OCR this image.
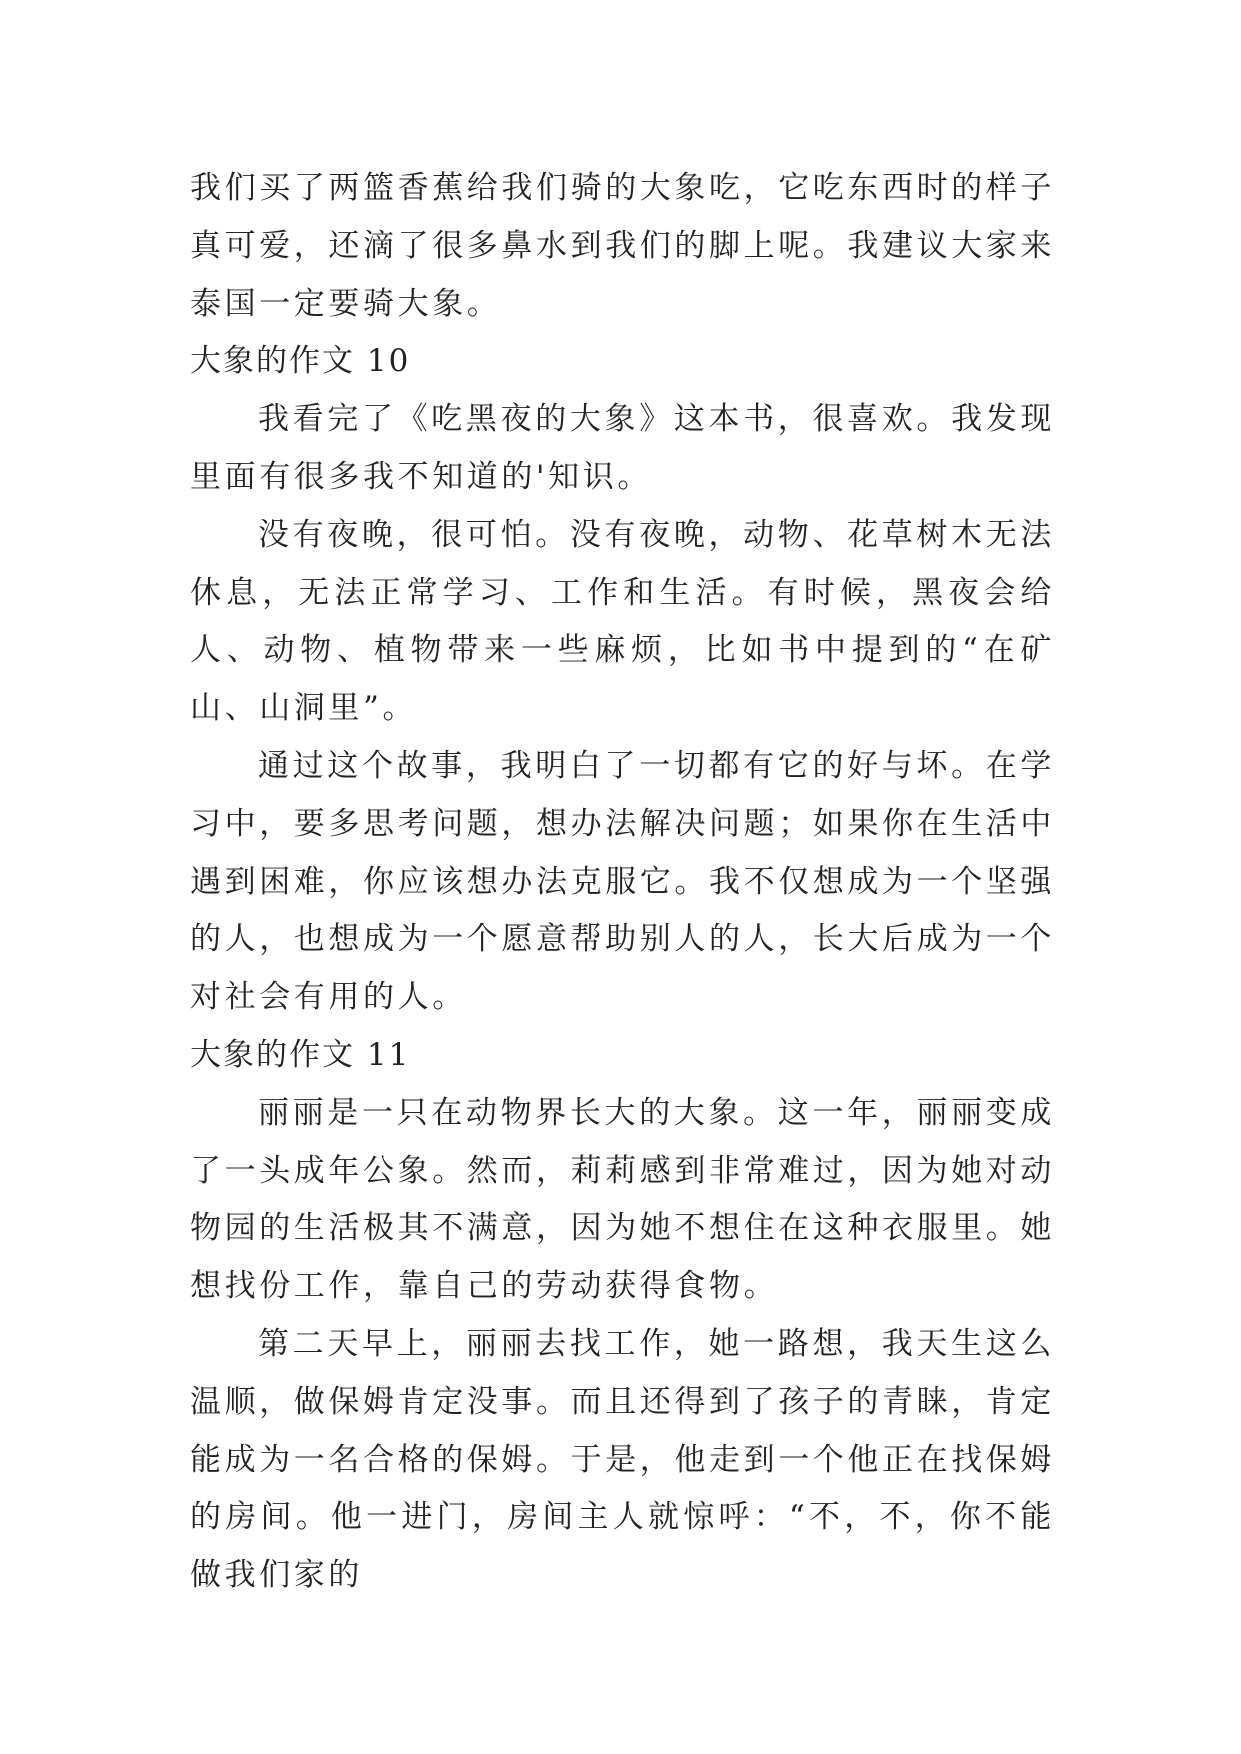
我们买了两篮香蕉给我们骑的大象吃，它吃东西时的样子真可爱，还滴了很多鼻水到我们的脚上呢。我建议大家来泰国一定要骑大象。

大象的作文 10

我看完了《吃黑夜的大象》这本书，很喜欢。我发现里面有很多我不知道的'知识。

没有夜晚，很可怕。没有夜晚，动物、花草树木无法休息，无法正常学习、工作和生活。有时候，黑夜会给人、动物、植物带来一些麻烦，比如书中提到的“在矿山、山洞里”。

通过这个故事，我明白了一切都有它的好与坏。在学习中，要多思考问题，想办法解决问题；如果你在生活中遇到困难，你应该想办法克服它。我不仅想成为一个坚强的人，也想成为一个愿意帮助别人的人，长大后成为一个对社会有用的人。

大象的作文 11

丽丽是一只在动物界长大的大象。这一年，丽丽变成了一头成年公象。然而，莉莉感到非常难过，因为她对动物园的生活极其不满意，因为她不想住在这种衣服里。她想找份工作，靠自己的劳动获得食物。

第二天早上，丽丽去找工作，她一路想，我天生这么温顺，做保姆肯定没事。而且还得到了孩子的青睐，肯定能成为一名合格的保姆。于是，他走到一个他正在找保姆的房间。他一进门，房间主人就惊呼：“不，不，你不能做我们家的
